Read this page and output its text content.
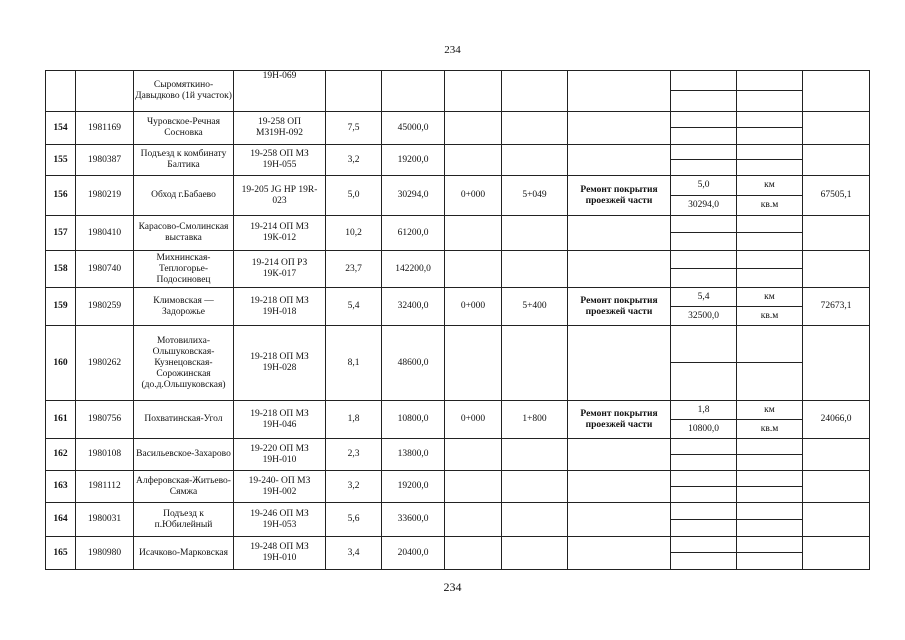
234
		Сыромяткино-Давыдково (1й участок)	19Н-069								

154	1981169	Чуровское-Речная Сосновка	19-258 ОП МЗ19Н-092	7,5	45000,0						

155	1980387	Подъезд к комбинату Балтика	19-258 ОП МЗ 19Н-055	3,2	19200,0						

156	1980219	Обход г.Бабаево	19-205 JG НР 19R-023	5,0	30294,0	0+000	5+049	Ремонт покрытия проезжей части	5,0	км	67505,1
									30294,0	кв.м	
157	1980410	Карасово-Смолинская выставка	19-214 ОП МЗ 19К-012	10,2	61200,0						

158	1980740	Михнинская-Теплогорье-Подосиновец	19-214 ОП РЗ 19К-017	23,7	142200,0						

159	1980259	Климовская — Задорожье	19-218 ОП МЗ 19Н-018	5,4	32400,0	0+000	5+400	Ремонт покрытия проезжей части	5,4	км	72673,1
									32500,0	кв.м	
160	1980262	Мотовилиха-Ольшуковская-Кузнецовская-Сорожинская (до.д.Ольшуковская)	19-218 ОП МЗ 19Н-028	8,1	48600,0						

161	1980756	Похватинская-Угол	19-218 ОП МЗ 19Н-046	1,8	10800,0	0+000	1+800	Ремонт покрытия проезжей части	1,8	км	24066,0
									10800,0	кв.м	
162	1980108	Васильевское-Захарово	19-220 ОП МЗ 19Н-010	2,3	13800,0						

163	1981112	Алферовская-Житьево-Сямжа	19-240- ОП МЗ 19Н-002	3,2	19200,0						

164	1980031	Подъезд к п.Юбилейный	19-246 ОП МЗ 19Н-053	5,6	33600,0						

165	1980980	Исачково-Марковская	19-248 ОП МЗ 19Н-010	3,4	20400,0						

234
